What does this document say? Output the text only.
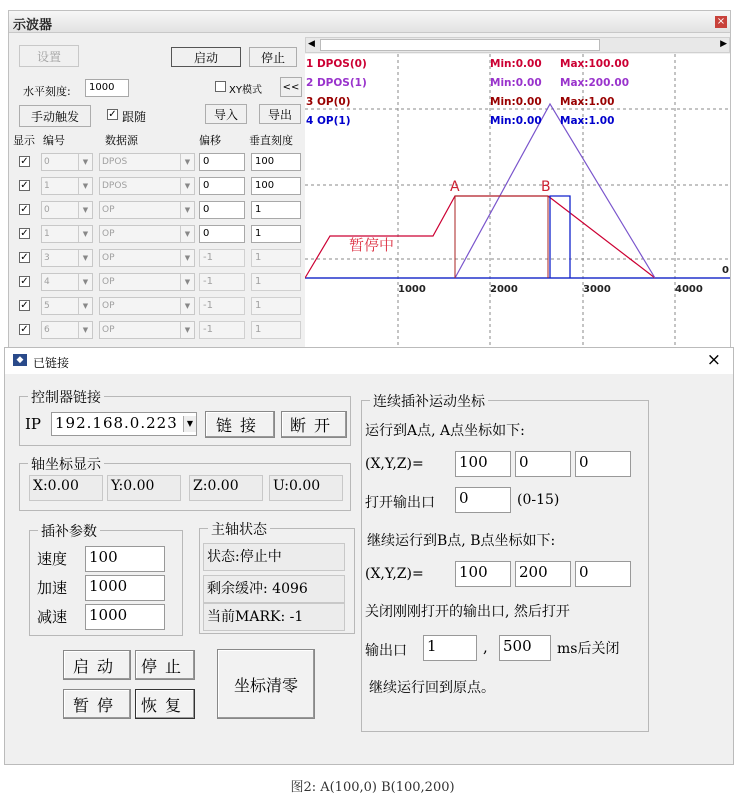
示波器	×
设置	启动	停止
水平刻度:	1000	XY模式 <<
手动触发	✓ 跟随	导入	导出
显示 编号	数据源	偏移	垂直刻度
✓	0	▼	DPOS	▼	0	100
✓	1	▼	DPOS	▼	0	100
✓	0	▼	OP	▼	0	1
✓	1	▼	OP	▼	0	1
✓	3	▼	OP	▼	-1	1
✓	4	▼	OP	▼	-1	1
✓	5	▼	OP	▼	-1	1
✓	6	▼	OP	▼	-1	1
◀	▶
A	B
暂停中
0
1000	2000	3000	4000
1 DPOS(0)	Min:0.00 Max:100.00
2 DPOS(1)	Min:0.00 Max:200.00
3 OP(0)	Min:0.00 Max:1.00
4 OP(1)	Min:0.00 Max:1.00
◆ 已链接	×
控制器链接
IP 192.168.0.223	▼	链接	断开
轴坐标显示
X:0.00	Y:0.00	Z:0.00	U:0.00
插补参数
速度 100
加速 1000
减速 1000
主轴状态
状态:停止中
剩余缓冲: 4096
当前MARK: -1
启动	停止
暂停	恢复
坐标清零
连续插补运动坐标
运行到A点, A点坐标如下:
(X,Y,Z)= 100	0	0
打开输出口 0	(0-15)
继续运行到B点, B点坐标如下:
(X,Y,Z)= 100	200	0
关闭刚刚打开的输出口, 然后打开
输出口 1	, 500	ms后关闭
继续运行回到原点。
图2: A(100,0) B(100,200)
